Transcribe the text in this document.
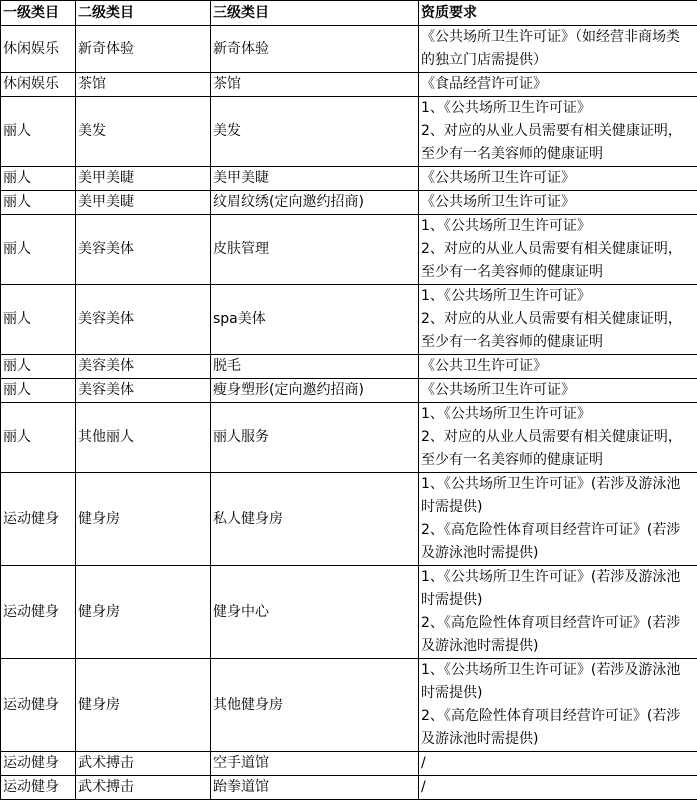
一级类目	二级类目	三级类目	资质要求
休闲娱乐	新奇体验	新奇体验	《公共场所卫生许可证》（如经营非商场类的独立门店需提供）
休闲娱乐	茶馆	茶馆	《食品经营许可证》
丽人	美发	美发	1、《公共场所卫生许可证》
2、对应的从业人员需要有相关健康证明，至少有一名美容师的健康证明
丽人	美甲美睫	美甲美睫	《公共场所卫生许可证》
丽人	美甲美睫	纹眉纹绣(定向邀约招商)	《公共场所卫生许可证》
丽人	美容美体	皮肤管理	1、《公共场所卫生许可证》
2、对应的从业人员需要有相关健康证明，至少有一名美容师的健康证明
丽人	美容美体	spa美体	1、《公共场所卫生许可证》
2、对应的从业人员需要有相关健康证明，至少有一名美容师的健康证明
丽人	美容美体	脱毛	《公共卫生许可证》
丽人	美容美体	瘦身塑形(定向邀约招商)	《公共场所卫生许可证》
丽人	其他丽人	丽人服务	1、《公共场所卫生许可证》
2、对应的从业人员需要有相关健康证明，至少有一名美容师的健康证明
运动健身	健身房	私人健身房	1、《公共场所卫生许可证》(若涉及游泳池时需提供)
2、《高危险性体育项目经营许可证》(若涉及游泳池时需提供)
运动健身	健身房	健身中心	1、《公共场所卫生许可证》(若涉及游泳池时需提供)
2、《高危险性体育项目经营许可证》(若涉及游泳池时需提供)
运动健身	健身房	其他健身房	1、《公共场所卫生许可证》(若涉及游泳池时需提供)
2、《高危险性体育项目经营许可证》(若涉及游泳池时需提供)
运动健身	武术搏击	空手道馆	/
运动健身	武术搏击	跆拳道馆	/
